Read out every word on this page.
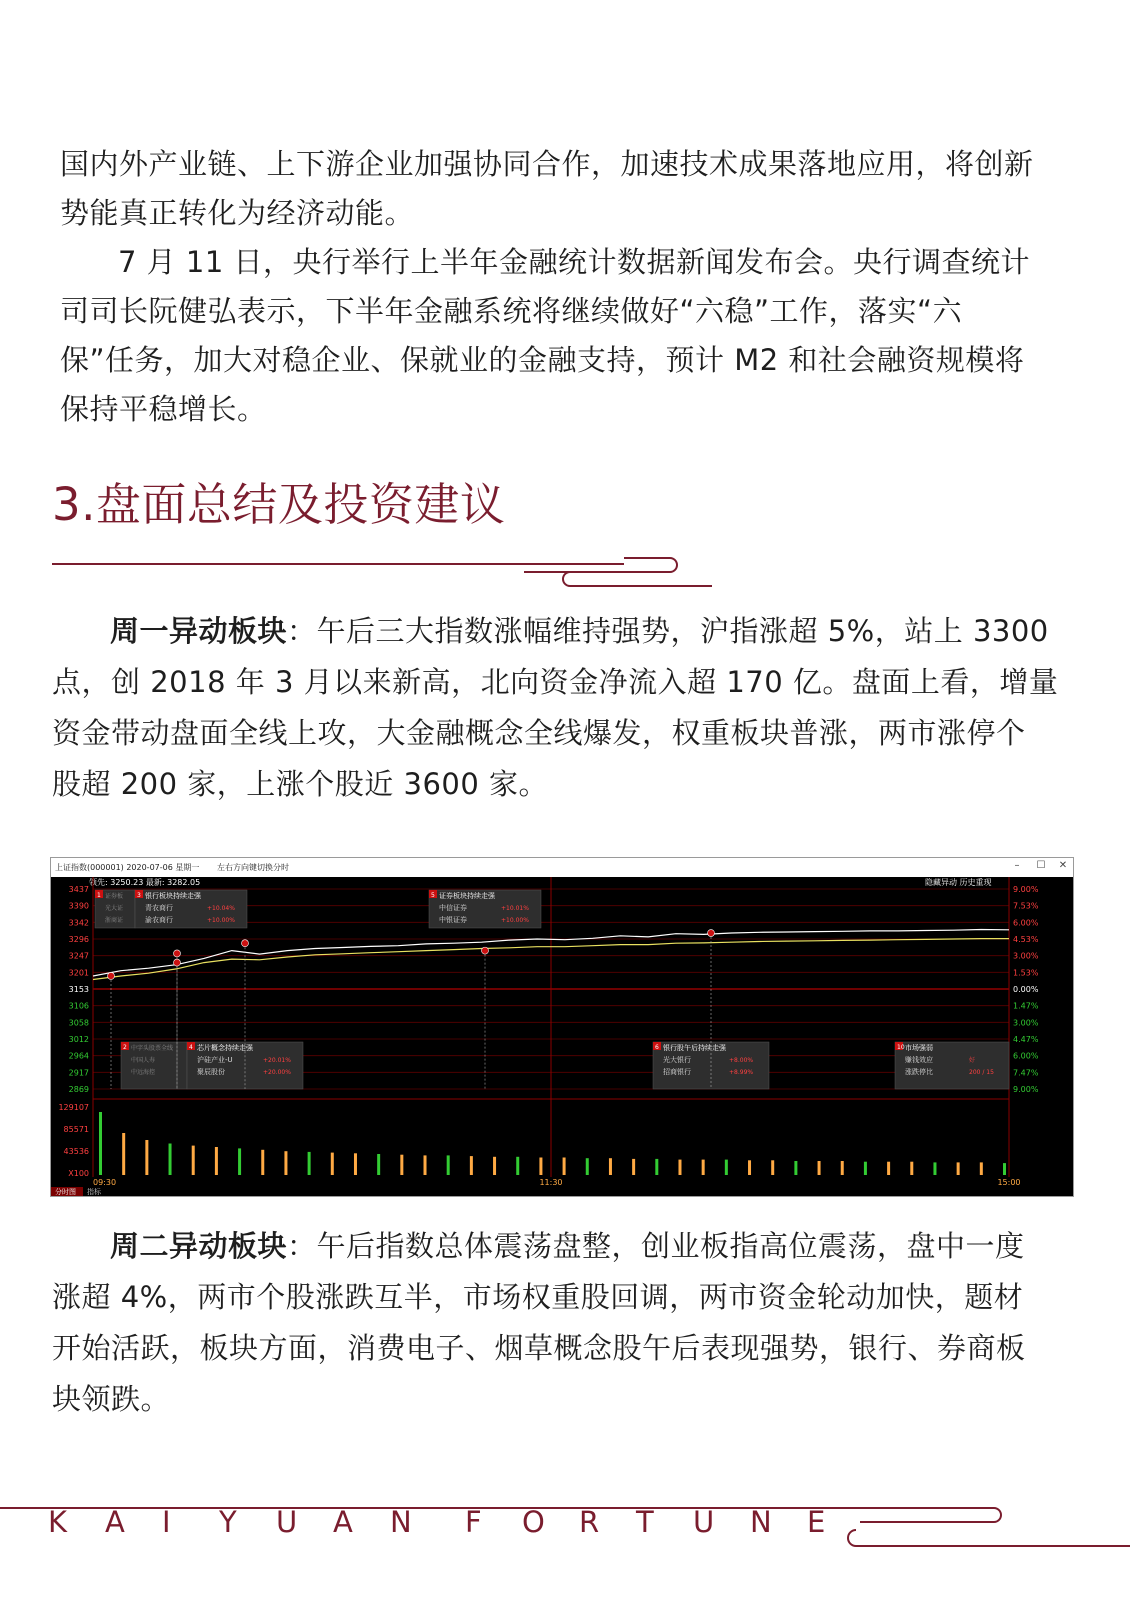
国内外产业链、上下游企业加强协同合作，加速技术成果落地应用，将创新

势能真正转化为经济动能。

7 月 11 日，央行举行上半年金融统计数据新闻发布会。央行调查统计

司司长阮健弘表示，下半年金融系统将继续做好“六稳”工作，落实“六

保”任务，加大对稳企业、保就业的金融支持，预计 M2 和社会融资规模将

保持平稳增长。

3.盘面总结及投资建议

周一异动板块：午后三大指数涨幅维持强势，沪指涨超 5%，站上 3300

点，创 2018 年 3 月以来新高，北向资金净流入超 170 亿。盘面上看，增量

资金带动盘面全线上攻，大金融概念全线爆发，权重板块普涨，两市涨停个

股超 200 家，上涨个股近 3600 家。

上证指数(000001) 2020-07-06 星期一 左右方向键切换分时	–	☐	✕
领先: 3250.23 最新: 3282.05	隐藏异动 历史重现
3437
3390
3342
3296
3247
3201
3153
3106
3058
3012
2964
2917
2869
9.00%
7.53%
6.00%
4.53%
3.00%
1.53%
0.00%
1.47%
3.00%
4.47%
6.00%
7.47%
9.00%
129107
85571
43536
X100
09:30	11:30	15:00
分时图 指标
1 证券板
光大证
浙商证
3 银行板块持续走强
青农商行	+10.04%
渝农商行	+10.00%
5 证券板块持续走强
中信证券	+10.01%
中银证券	+10.00%
2 中字头股票全线
中国人寿
中远海控
4 芯片概念持续走强
沪硅产业-U	+20.01%
聚辰股份	+20.00%
6 银行股午后持续走强
光大银行	+8.00%
招商银行	+8.99%
10 市场强弱
赚钱效应	好
涨跌停比	200 / 15

周二异动板块：午后指数总体震荡盘整，创业板指高位震荡，盘中一度

涨超 4%，两市个股涨跌互半，市场权重股回调，两市资金轮动加快，题材

开始活跃，板块方面，消费电子、烟草概念股午后表现强势，银行、券商板

块领跌。

K A I Y U A N F O R T U N E
